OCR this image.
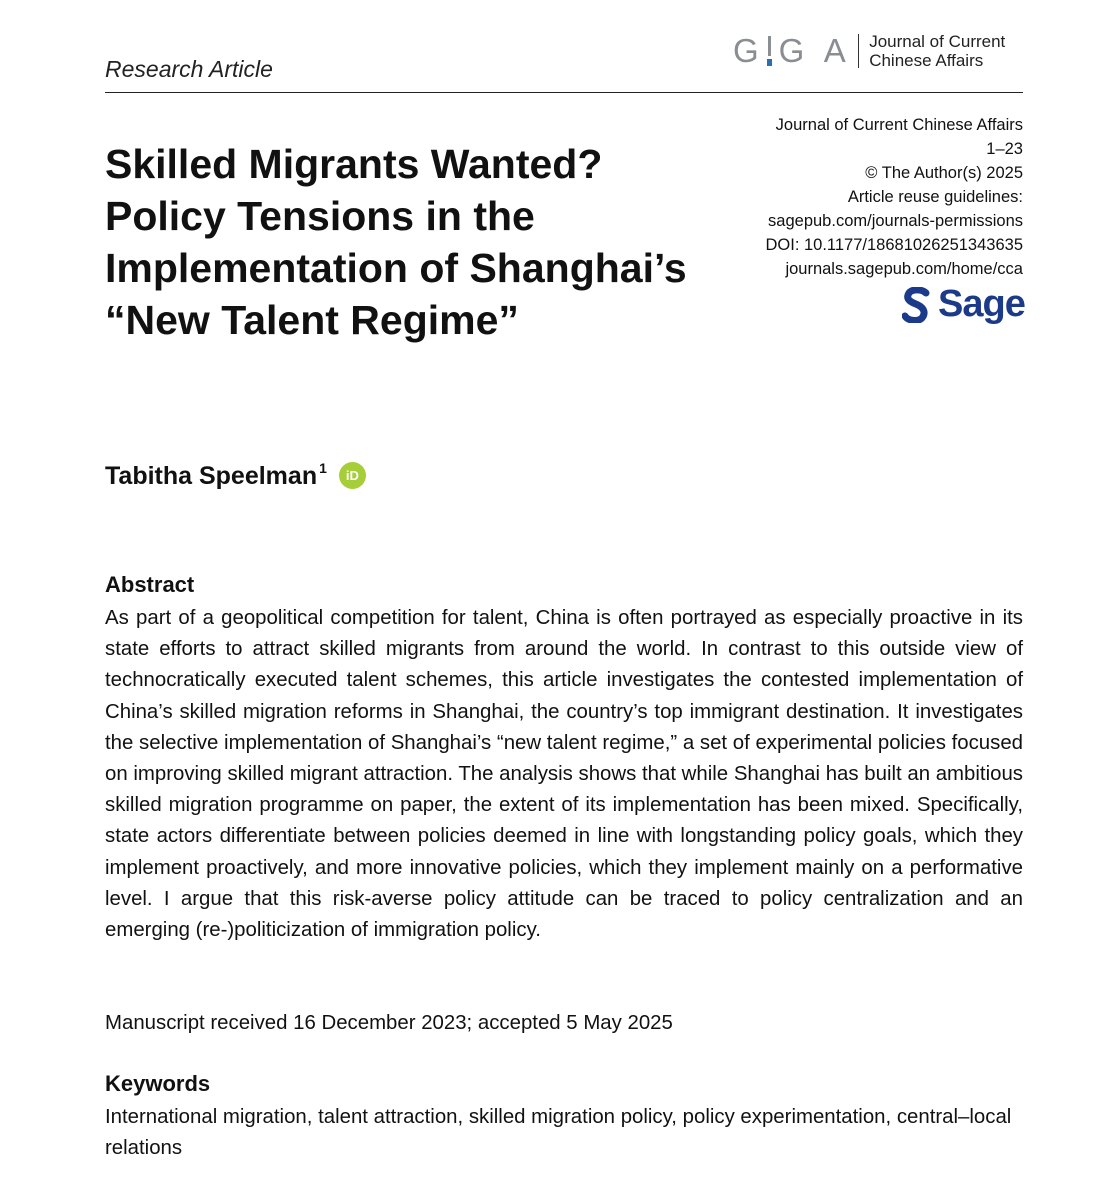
Research Article	G G A Journal of Current
Chinese Affairs
Skilled Migrants Wanted? Policy Tensions in the Implementation of Shanghai’s “New Talent Regime”
Journal of Current Chinese Affairs
1–23
© The Author(s) 2025
Article reuse guidelines:
sagepub.com/journals-permissions
DOI: 10.1177/18681026251343635
journals.sagepub.com/home/cca
Sage
Tabitha Speelman$^1$	iD
Abstract

As part of a geopolitical competition for talent, China is often portrayed as especially proactive in its state efforts to attract skilled migrants from around the world. In contrast to this outside view of technocratically executed talent schemes, this article investigates the contested implementation of China’s skilled migration reforms in Shanghai, the country’s top immigrant destination. It investigates the selective implementation of Shanghai’s “new talent regime,” a set of experimental policies focused on improving skilled migrant attraction. The analysis shows that while Shanghai has built an ambitious skilled migration programme on paper, the extent of its implementation has been mixed. Specifically, state actors differentiate between policies deemed in line with longstanding policy goals, which they implement proactively, and more innovative policies, which they implement mainly on a performative level. I argue that this risk-averse policy attitude can be traced to policy centralization and an emerging (re-)politicization of immigration policy.

Manuscript received 16 December 2023; accepted 5 May 2025
Keywords

International migration, talent attraction, skilled migration policy, policy experimentation, central–local relations
